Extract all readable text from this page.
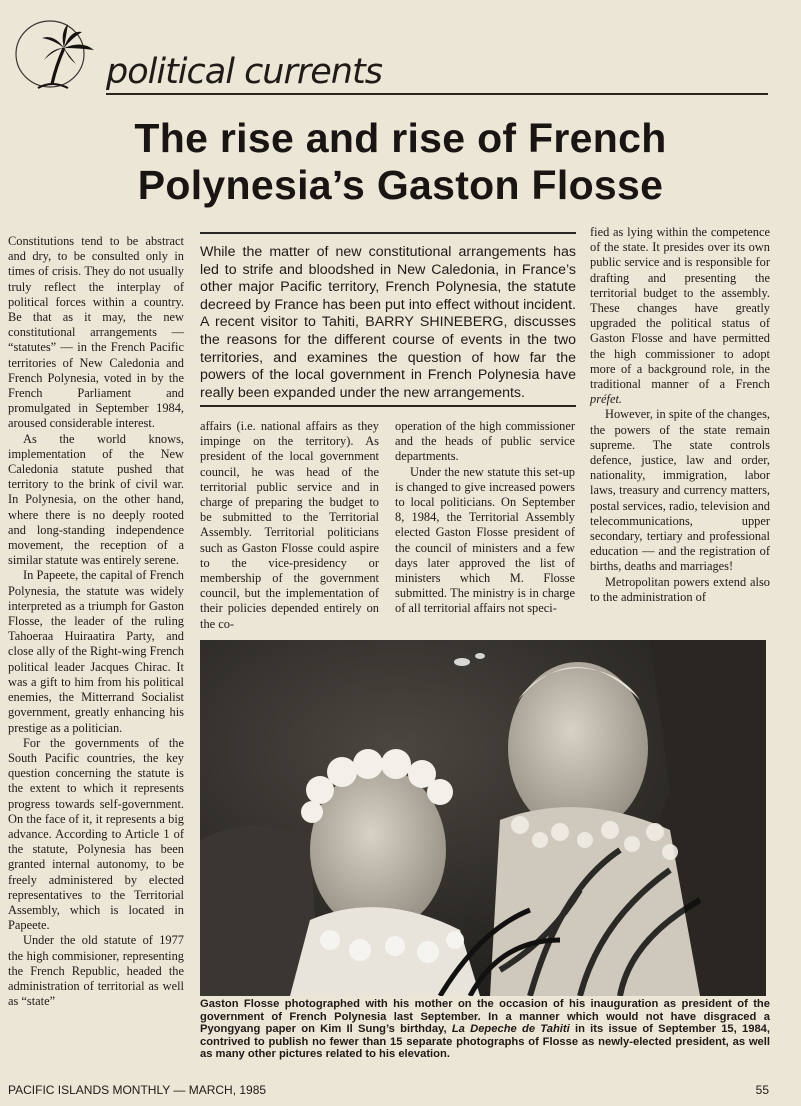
political currents
The rise and rise of French
Polynesia’s Gaston Flosse

While the matter of new constitutional arrangements has led to strife and bloodshed in New Caledonia, in France’s other major Pacific territory, French Polynesia, the statute decreed by France has been put into effect without incident. A recent visitor to Tahiti, BARRY SHINEBERG, discusses the reasons for the different course of events in the two territories, and examines the question of how far the powers of the local government in French Polynesia have really been expanded under the new arrangements.

Constitutions tend to be abstract and dry, to be consulted only in times of crisis. They do not usually truly reflect the interplay of political forces within a country. Be that as it may, the new constitutional arrangements — “statutes” — in the French Pacific territories of New Caledonia and French Polynesia, voted in by the French Parliament and promulgated in September 1984, aroused considerable interest.

As the world knows, implementation of the New Caledonia statute pushed that territory to the brink of civil war. In Polynesia, on the other hand, where there is no deeply rooted and long-standing independence movement, the reception of a similar statute was entirely serene.

In Papeete, the capital of French Polynesia, the statute was widely interpreted as a triumph for Gaston Flosse, the leader of the ruling Tahoeraa Huiraatira Party, and close ally of the Right-wing French political leader Jacques Chirac. It was a gift to him from his political enemies, the Mitterrand Socialist government, greatly enhancing his prestige as a politician.

For the governments of the South Pacific countries, the key question concerning the statute is the extent to which it represents progress towards self-government. On the face of it, it represents a big advance. According to Article 1 of the statute, Polynesia has been granted internal autonomy, to be freely administered by elected representatives to the Territorial Assembly, which is located in Papeete.

Under the old statute of 1977 the high commisioner, representing the French Republic, headed the administration of territorial as well as “state”

affairs (i.e. national affairs as they impinge on the territory). As president of the local government council, he was head of the territorial public service and in charge of preparing the budget to be submitted to the Territorial Assembly. Territorial politicians such as Gaston Flosse could aspire to the vice-presidency or membership of the government council, but the implementation of their policies depended entirely on the co-

operation of the high commissioner and the heads of public service departments.

Under the new statute this set-up is changed to give increased powers to local politicians. On September 8, 1984, the Territorial Assembly elected Gaston Flosse president of the council of ministers and a few days later approved the list of ministers which M. Flosse submitted. The ministry is in charge of all territorial affairs not speci-

fied as lying within the competence of the state. It presides over its own public service and is responsible for drafting and presenting the territorial budget to the assembly. These changes have greatly upgraded the political status of Gaston Flosse and have permitted the high commissioner to adopt more of a background role, in the traditional manner of a French préfet.

However, in spite of the changes, the powers of the state remain supreme. The state controls defence, justice, law and order, nationality, immigration, labor laws, treasury and currency matters, postal services, radio, television and telecommunications, upper secondary, tertiary and professional education — and the registration of births, deaths and marriages!

Metropolitan powers extend also to the administration of

Gaston Flosse photographed with his mother on the occasion of his inauguration as president of the government of French Polynesia last September. In a manner which would not have disgraced a Pyongyang paper on Kim Il Sung’s birthday, La Depeche de Tahiti in its issue of September 15, 1984, contrived to publish no fewer than 15 separate photographs of Flosse as newly-elected president, as well as many other pictures related to his elevation.

PACIFIC ISLANDS MONTHLY — MARCH, 1985	55
